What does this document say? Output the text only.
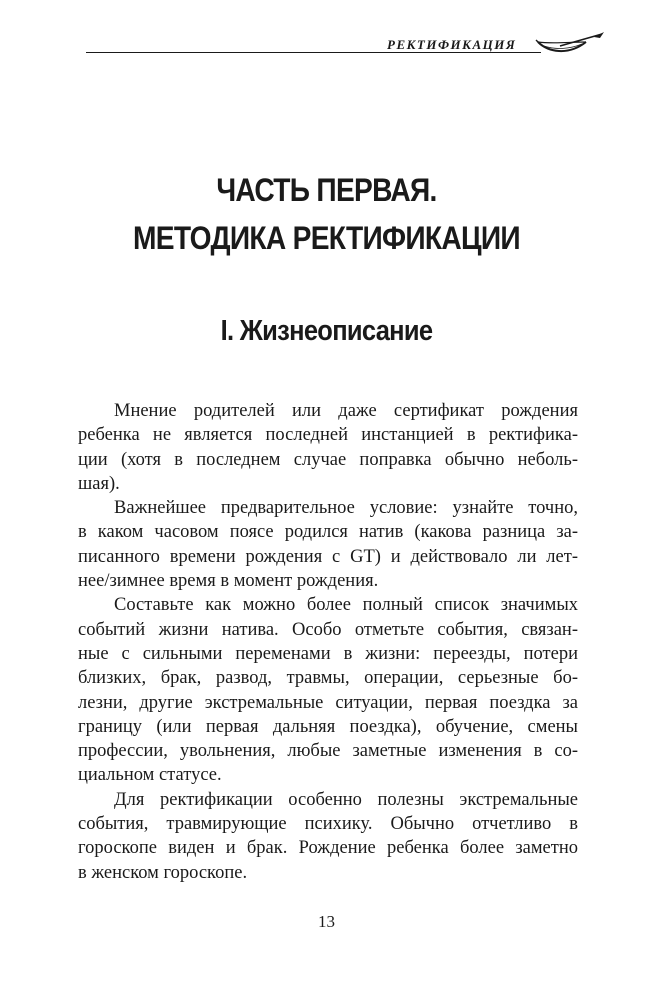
РЕКТИФИКАЦИЯ
ЧАСТЬ ПЕРВАЯ.
МЕТОДИКА РЕКТИФИКАЦИИ
I. Жизнеописание
Мнение родителей или даже сертификат рождения
ребенка не является последней инстанцией в ректифика-
ции (хотя в последнем случае поправка обычно неболь-
шая).
Важнейшее предварительное условие: узнайте точно,
в каком часовом поясе родился натив (какова разница за-
писанного времени рождения с GT) и действовало ли лет-
нее/зимнее время в момент рождения.
Составьте как можно более полный список значимых
событий жизни натива. Особо отметьте события, связан-
ные с сильными переменами в жизни: переезды, потери
близких, брак, развод, травмы, операции, серьезные бо-
лезни, другие экстремальные ситуации, первая поездка за
границу (или первая дальняя поездка), обучение, смены
профессии, увольнения, любые заметные изменения в со-
циальном статусе.
Для ректификации особенно полезны экстремальные
события, травмирующие психику. Обычно отчетливо в
гороскопе виден и брак. Рождение ребенка более заметно
в женском гороскопе.
13
